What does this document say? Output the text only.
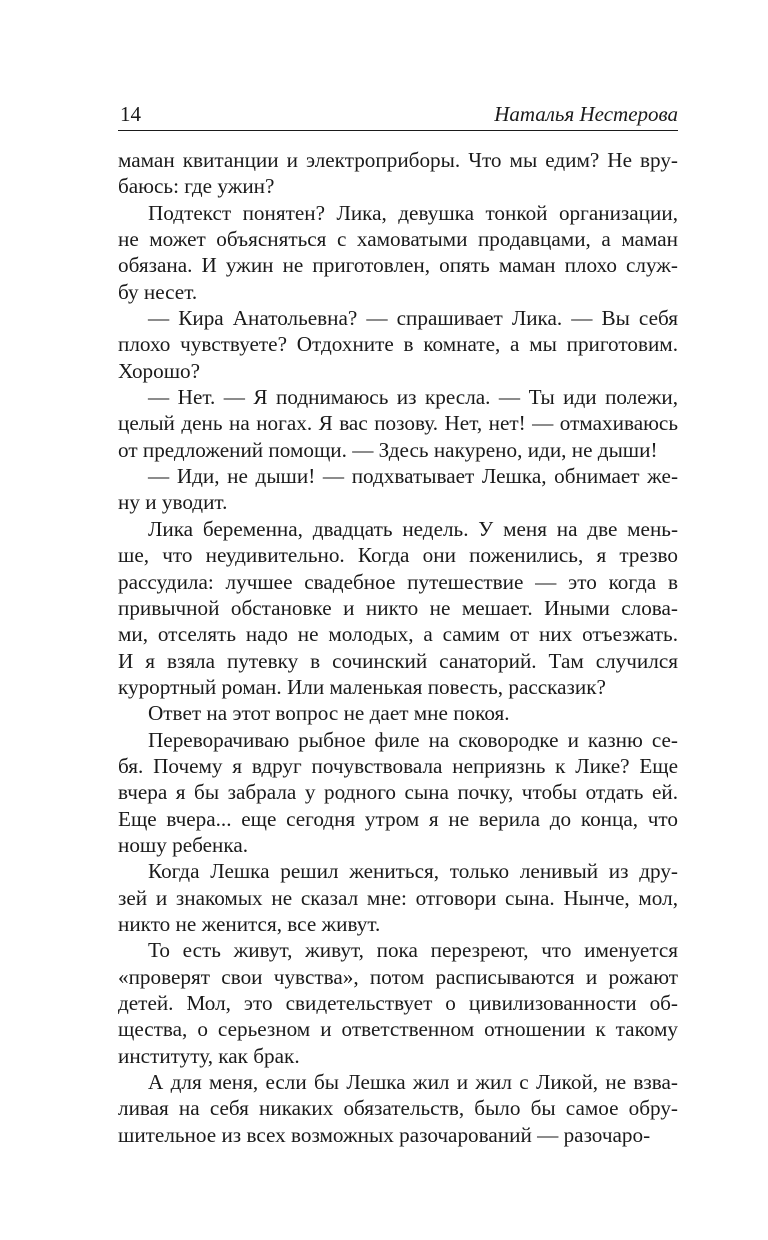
14	Наталья Нестерова
маман квитанции и электроприборы. Что мы едим? Не вру-
баюсь: где ужин?
Подтекст понятен? Лика, девушка тонкой организации,
не может объясняться с хамоватыми продавцами, а маман
обязана. И ужин не приготовлен, опять маман плохо служ-
бу несет.
— Кира Анатольевна? — спрашивает Лика. — Вы себя
плохо чувствуете? Отдохните в комнате, а мы приготовим.
Хорошо?
— Нет. — Я поднимаюсь из кресла. — Ты иди полежи,
целый день на ногах. Я вас позову. Нет, нет! — отмахиваюсь
от предложений помощи. — Здесь накурено, иди, не дыши!
— Иди, не дыши! — подхватывает Лешка, обнимает же-
ну и уводит.
Лика беременна, двадцать недель. У меня на две мень-
ше, что неудивительно. Когда они поженились, я трезво
рассудила: лучшее свадебное путешествие — это когда в
привычной обстановке и никто не мешает. Иными слова-
ми, отселять надо не молодых, а самим от них отъезжать.
И я взяла путевку в сочинский санаторий. Там случился
курортный роман. Или маленькая повесть, рассказик?
Ответ на этот вопрос не дает мне покоя.
Переворачиваю рыбное филе на сковородке и казню се-
бя. Почему я вдруг почувствовала неприязнь к Лике? Еще
вчера я бы забрала у родного сына почку, чтобы отдать ей.
Еще вчера... еще сегодня утром я не верила до конца, что
ношу ребенка.
Когда Лешка решил жениться, только ленивый из дру-
зей и знакомых не сказал мне: отговори сына. Нынче, мол,
никто не женится, все живут.
То есть живут, живут, пока перезреют, что именуется
«проверят свои чувства», потом расписываются и рожают
детей. Мол, это свидетельствует о цивилизованности об-
щества, о серьезном и ответственном отношении к такому
институту, как брак.
А для меня, если бы Лешка жил и жил с Ликой, не взва-
ливая на себя никаких обязательств, было бы самое обру-
шительное из всех возможных разочарований — разочаро-
